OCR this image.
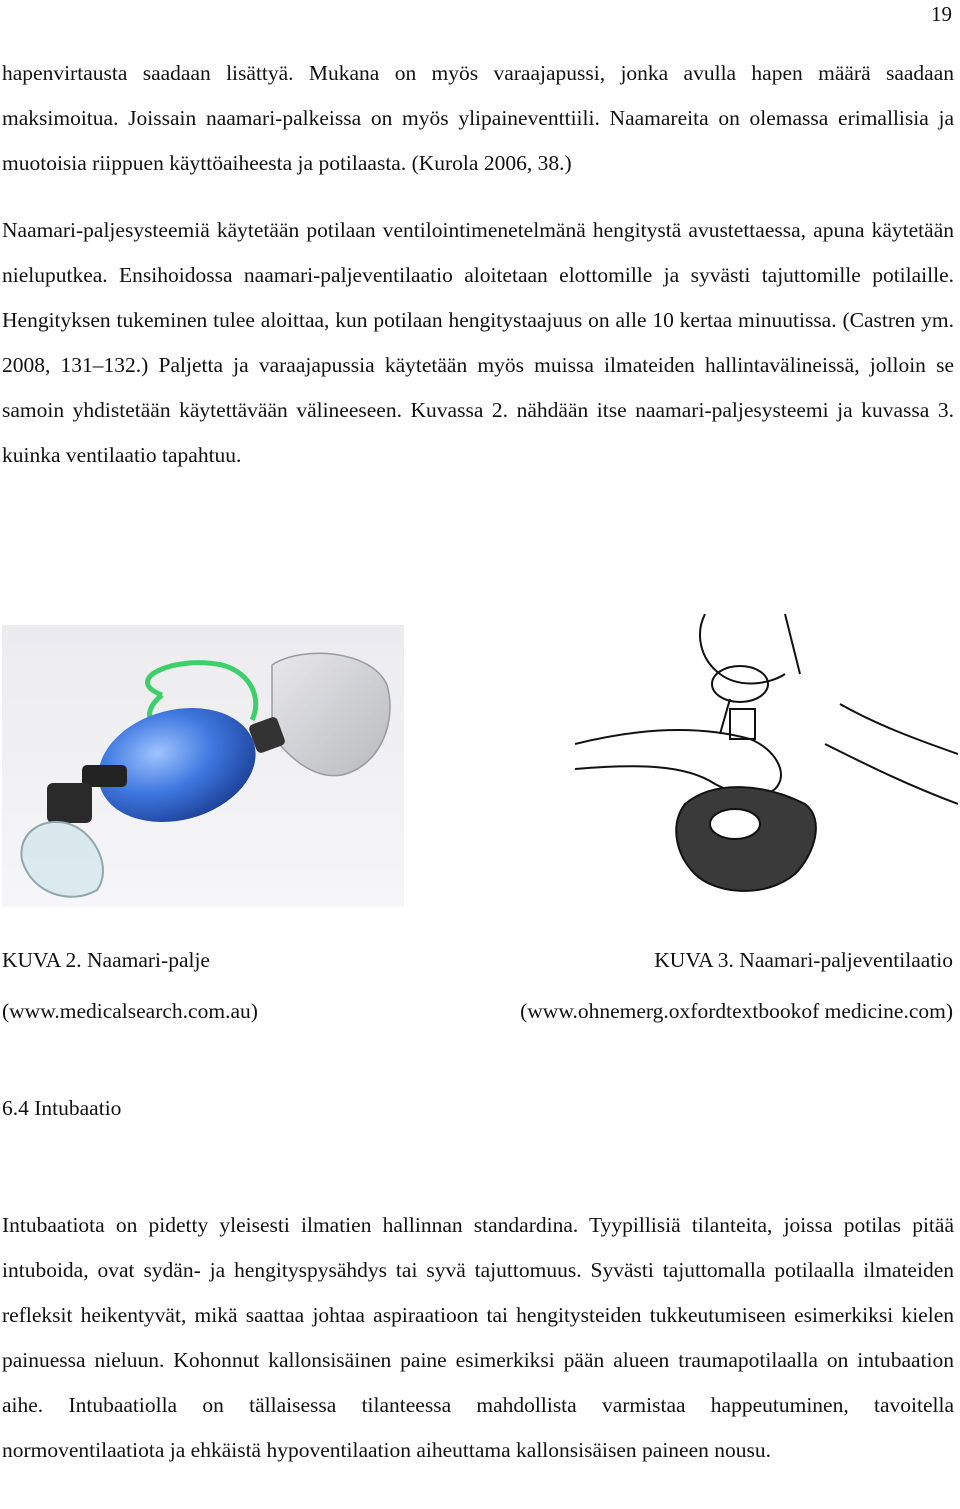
19

hapenvirtausta saadaan lisättyä. Mukana on myös varaajapussi, jonka avulla hapen määrä saadaan maksimoitua. Joissain naamari-palkeissa on myös ylipaineventtiili. Naamareita on olemassa erimallisia ja muotoisia riippuen käyttöaiheesta ja potilaasta. (Kurola 2006, 38.)

Naamari-paljesysteemiä käytetään potilaan ventilointimenetelmänä hengitystä avustettaessa, apuna käytetään nieluputkea. Ensihoidossa naamari-paljeventilaatio aloitetaan elottomille ja syvästi tajuttomille potilaille. Hengityksen tukeminen tulee aloittaa, kun potilaan hengitystaajuus on alle 10 kertaa minuutissa. (Castren ym. 2008, 131–132.) Paljetta ja varaajapussia käytetään myös muissa ilmateiden hallintavälineissä, jolloin se samoin yhdistetään käytettävään välineeseen. Kuvassa 2. nähdään itse naamari-paljesysteemi ja kuvassa 3. kuinka ventilaatio tapahtuu.

KUVA 2. Naamari-palje
(www.medicalsearch.com.au)
KUVA 3. Naamari-paljeventilaatio
(www.ohnemerg.oxfordtextbookof medicine.com)
6.4 Intubaatio

Intubaatiota on pidetty yleisesti ilmatien hallinnan standardina. Tyypillisiä tilanteita, joissa potilas pitää intuboida, ovat sydän- ja hengityspysähdys tai syvä tajuttomuus. Syvästi tajuttomalla potilaalla ilmateiden refleksit heikentyvät, mikä saattaa johtaa aspiraatioon tai hengitysteiden tukkeutumiseen esimerkiksi kielen painuessa nieluun. Kohonnut kallonsisäinen paine esimerkiksi pään alueen traumapotilaalla on intubaation aihe. Intubaatiolla on tällaisessa tilanteessa mahdollista varmistaa happeutuminen, tavoitella normoventilaatiota ja ehkäistä hypoventilaation aiheuttama kallonsisäisen paineen nousu.
